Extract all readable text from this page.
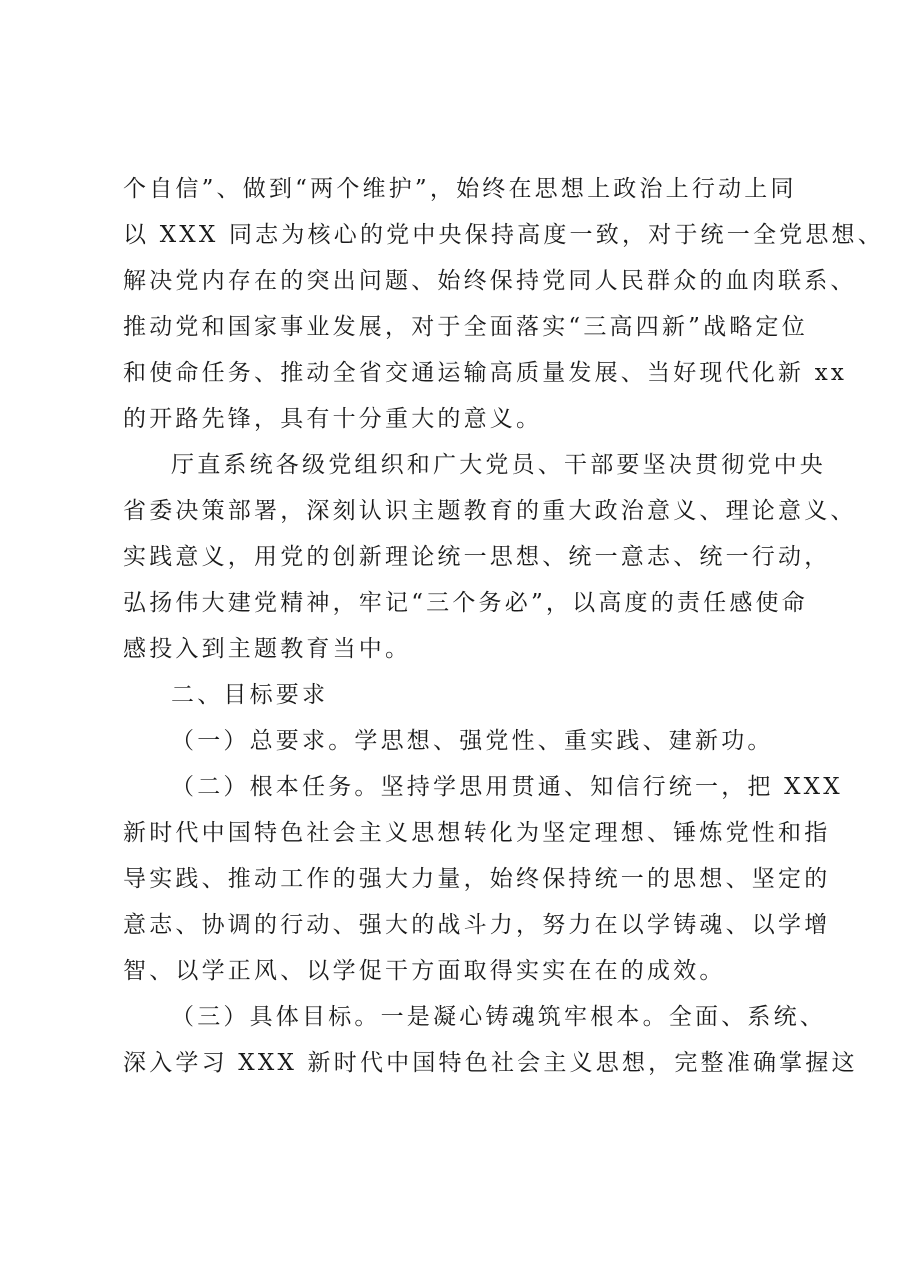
个自信”、做到“两个维护”，始终在思想上政治上行动上同
以 XXX 同志为核心的党中央保持高度一致，对于统一全党思想、
解决党内存在的突出问题、始终保持党同人民群众的血肉联系、
推动党和国家事业发展，对于全面落实“三高四新”战略定位
和使命任务、推动全省交通运输高质量发展、当好现代化新 xx
的开路先锋，具有十分重大的意义。
厅直系统各级党组织和广大党员、干部要坚决贯彻党中央
省委决策部署，深刻认识主题教育的重大政治意义、理论意义、
实践意义，用党的创新理论统一思想、统一意志、统一行动，
弘扬伟大建党精神，牢记“三个务必”，以高度的责任感使命
感投入到主题教育当中。
二、目标要求
（一）总要求。学思想、强党性、重实践、建新功。
（二）根本任务。坚持学思用贯通、知信行统一，把 XXX
新时代中国特色社会主义思想转化为坚定理想、锤炼党性和指
导实践、推动工作的强大力量，始终保持统一的思想、坚定的
意志、协调的行动、强大的战斗力，努力在以学铸魂、以学增
智、以学正风、以学促干方面取得实实在在的成效。
（三）具体目标。一是凝心铸魂筑牢根本。全面、系统、
深入学习 XXX 新时代中国特色社会主义思想，完整准确掌握这
